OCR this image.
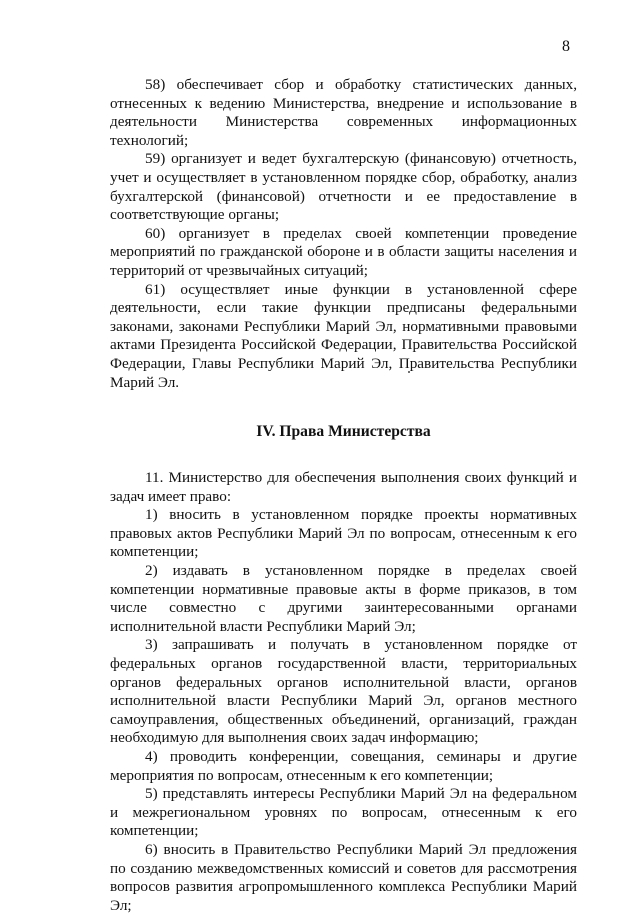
8

58) обеспечивает сбор и обработку статистических данных, отнесенных к ведению Министерства, внедрение и использование в деятельности Министерства современных информационных технологий;

59) организует и ведет бухгалтерскую (финансовую) отчетность, учет и осуществляет в установленном порядке сбор, обработку, анализ бухгалтерской (финансовой) отчетности и ее предоставление в соответствующие органы;

60) организует в пределах своей компетенции проведение мероприятий по гражданской обороне и в области защиты населения и территорий от чрезвычайных ситуаций;

61) осуществляет иные функции в установленной сфере деятельности, если такие функции предписаны федеральными законами, законами Республики Марий Эл, нормативными правовыми актами Президента Российской Федерации, Правительства Российской Федерации, Главы Республики Марий Эл, Правительства Республики Марий Эл.

IV. Права Министерства

11. Министерство для обеспечения выполнения своих функций и задач имеет право:

1) вносить в установленном порядке проекты нормативных правовых актов Республики Марий Эл по вопросам, отнесенным к его компетенции;

2) издавать в установленном порядке в пределах своей компетенции нормативные правовые акты в форме приказов, в том числе совместно с другими заинтересованными органами исполнительной власти Республики Марий Эл;

3) запрашивать и получать в установленном порядке от федеральных органов государственной власти, территориальных органов федеральных органов исполнительной власти, органов исполнительной власти Республики Марий Эл, органов местного самоуправления, общественных объединений, организаций, граждан необходимую для выполнения своих задач информацию;

4) проводить конференции, совещания, семинары и другие мероприятия по вопросам, отнесенным к его компетенции;

5) представлять интересы Республики Марий Эл на федеральном и межрегиональном уровнях по вопросам, отнесенным к его компетенции;

6) вносить в Правительство Республики Марий Эл предложения по созданию межведомственных комиссий и советов для рассмотрения вопросов развития агропромышленного комплекса Республики Марий Эл;
